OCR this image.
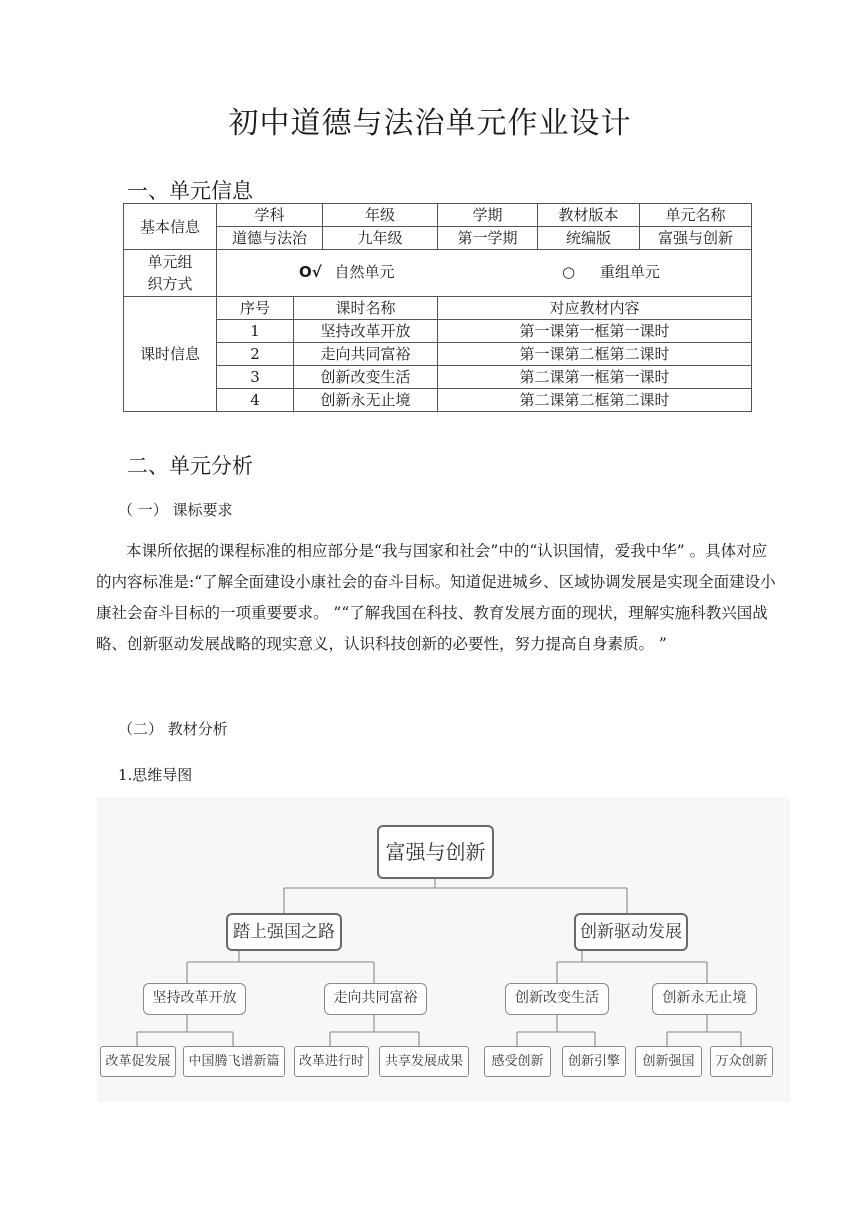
初中道德与法治单元作业设计
一、单元信息
基本信息	学科		年级	学期	教材版本	单元名称
	道德与法治		九年级	第一学期	统编版	富强与创新
单元组
织方式	O√ 自然单元 ○ 重组单元					

课时信息	序号	课时名称		对应教材内容		
	1	坚持改革开放		第一课第一框第一课时		
	2	走向共同富裕		第一课第二框第二课时		
	3	创新改变生活		第二课第一框第一课时		
	4	创新永无止境		第二课第二框第二课时		
二、单元分析
（ 一） 课标要求
本课所依据的课程标准的相应部分是“我与国家和社会”中的“认识国情，爱我中华” 。具体对应的内容标准是:“了解全面建设小康社会的奋斗目标。知道促进城乡、区域协调发展是实现全面建设小康社会奋斗目标的一项重要要求。 ”“了解我国在科技、教育发展方面的现状，理解实施科教兴国战略、创新驱动发展战略的现实意义，认识科技创新的必要性，努力提高自身素质。 ”
（二） 教材分析
1.思维导图
富强与创新
踏上强国之路	创新驱动发展
坚持改革开放	走向共同富裕	创新改变生活	创新永无止境
改革促发展	中国腾飞谱新篇	改革进行时	共享发展成果	感受创新	创新引擎	创新强国	万众创新
